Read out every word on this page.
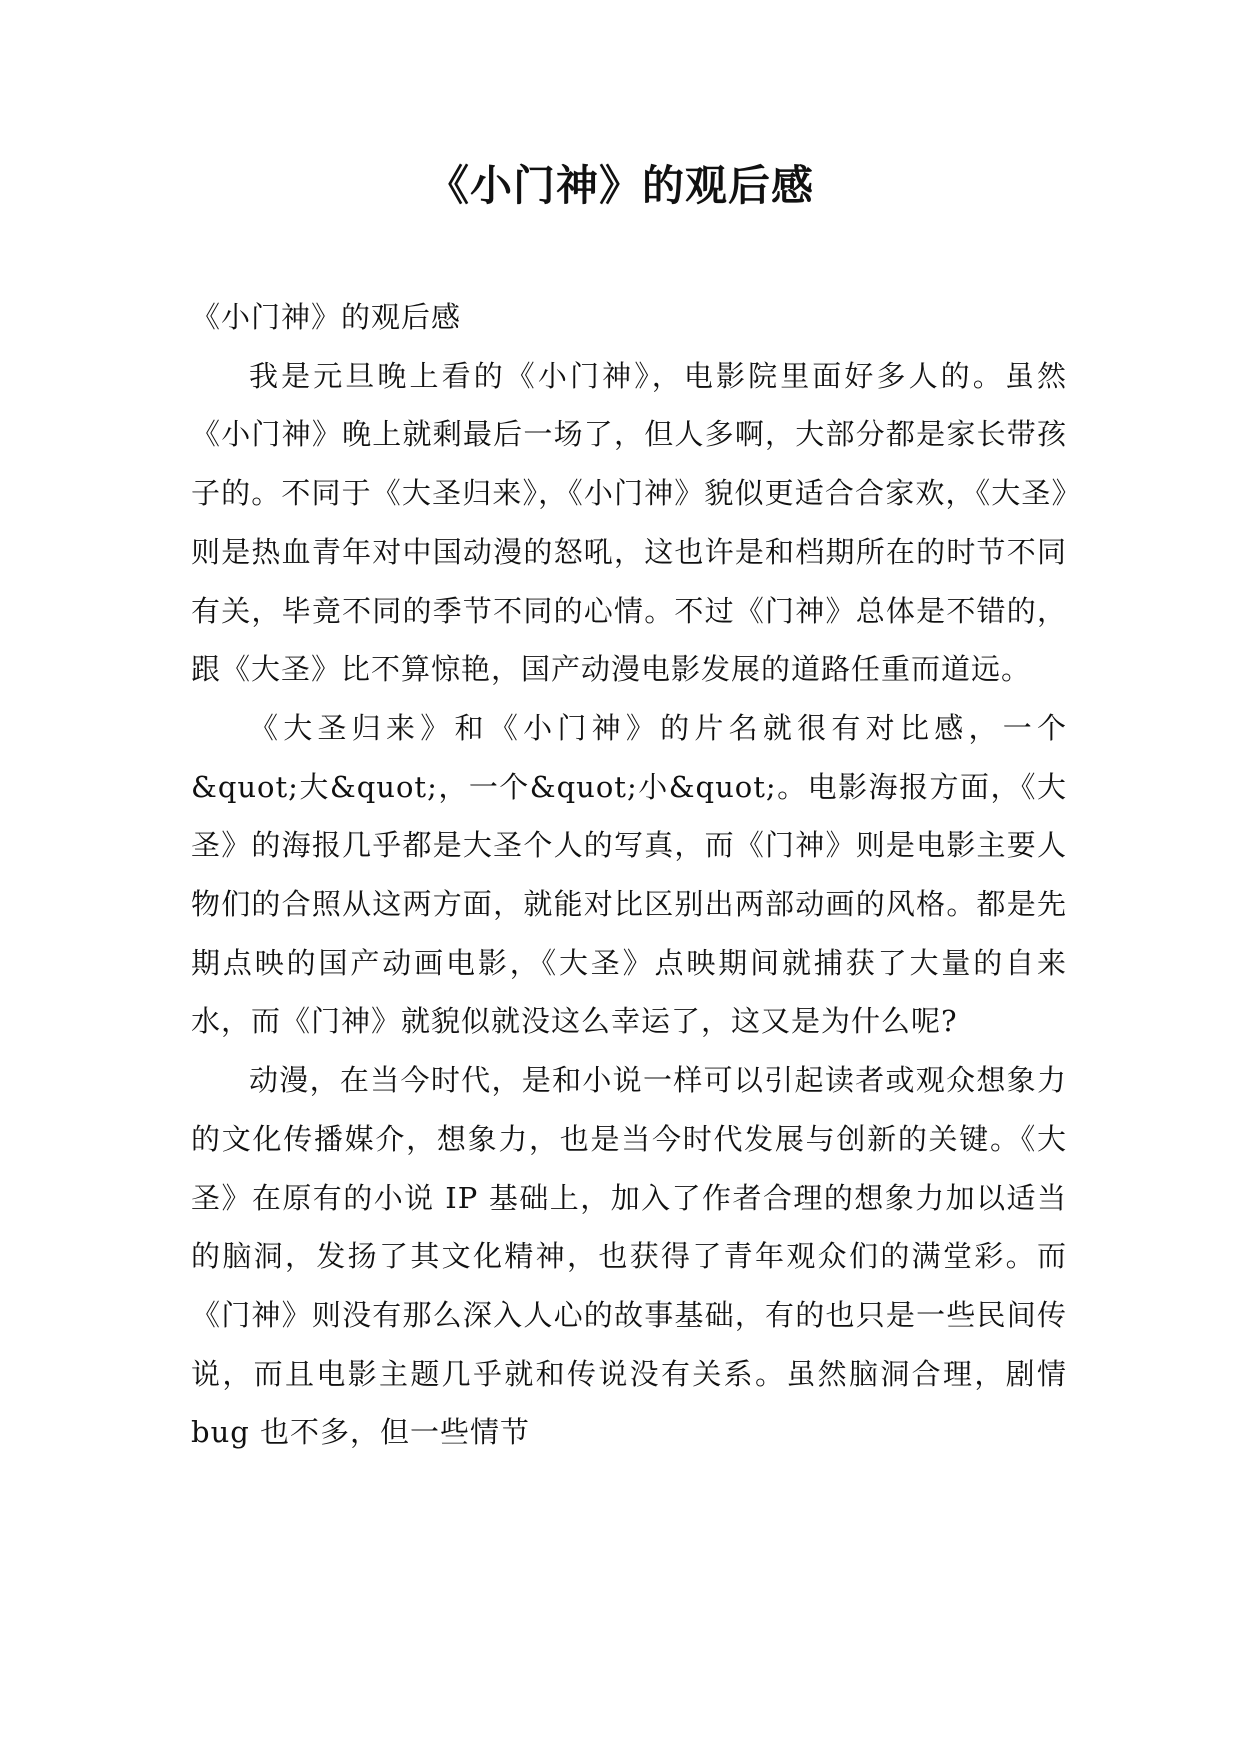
《小门神》的观后感

《小门神》的观后感

我是元旦晚上看的《小门神》，电影院里面好多人的。虽然《小门神》晚上就剩最后一场了，但人多啊，大部分都是家长带孩子的。不同于《大圣归来》，《小门神》貌似更适合合家欢，《大圣》则是热血青年对中国动漫的怒吼，这也许是和档期所在的时节不同有关，毕竟不同的季节不同的心情。不过《门神》总体是不错的，跟《大圣》比不算惊艳，国产动漫电影发展的道路任重而道远。

《大圣归来》和《小门神》的片名就很有对比感，一个&quot;大&quot;，一个&quot;小&quot;。电影海报方面，《大圣》的海报几乎都是大圣个人的写真，而《门神》则是电影主要人物们的合照从这两方面，就能对比区别出两部动画的风格。都是先期点映的国产动画电影，《大圣》点映期间就捕获了大量的自来水，而《门神》就貌似就没这么幸运了，这又是为什么呢?

动漫，在当今时代，是和小说一样可以引起读者或观众想象力的文化传播媒介，想象力，也是当今时代发展与创新的关键。《大圣》在原有的小说 IP 基础上，加入了作者合理的想象力加以适当的脑洞，发扬了其文化精神，也获得了青年观众们的满堂彩。而《门神》则没有那么深入人心的故事基础，有的也只是一些民间传说，而且电影主题几乎就和传说没有关系。虽然脑洞合理，剧情 bug 也不多，但一些情节
